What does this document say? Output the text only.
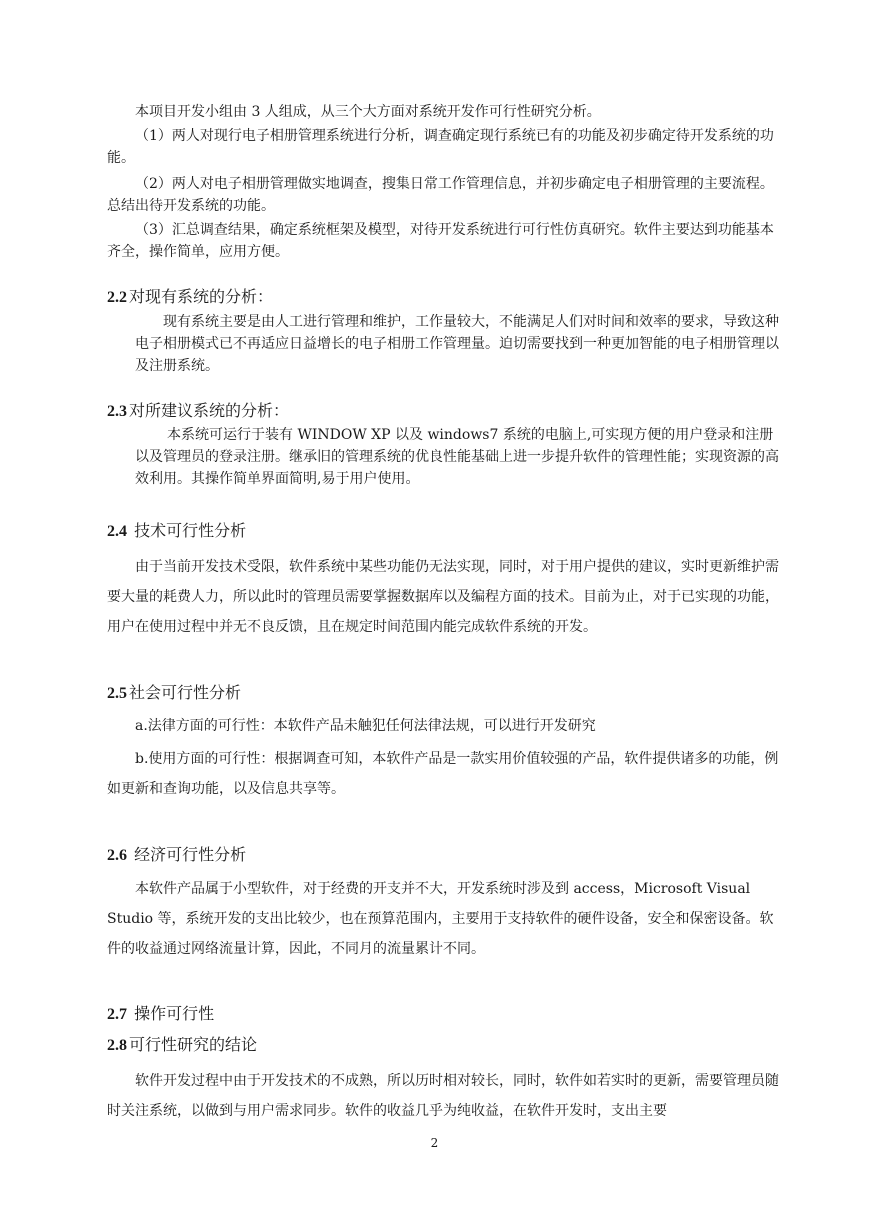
本项目开发小组由 3 人组成，从三个大方面对系统开发作可行性研究分析。

（1）两人对现行电子相册管理系统进行分析，调查确定现行系统已有的功能及初步确定待开发系统的功能。

（2）两人对电子相册管理做实地调查，搜集日常工作管理信息，并初步确定电子相册管理的主要流程。总结出待开发系统的功能。

（3）汇总调查结果，确定系统框架及模型，对待开发系统进行可行性仿真研究。软件主要达到功能基本齐全，操作简单，应用方便。

2.2 对现有系统的分析：

现有系统主要是由人工进行管理和维护，工作量较大，不能满足人们对时间和效率的要求，导致这种电子相册模式已不再适应日益增长的电子相册工作管理量。迫切需要找到一种更加智能的电子相册管理以及注册系统。

2.3 对所建议系统的分析：

本系统可运行于装有 WINDOW XP 以及 windows7 系统的电脑上,可实现方便的用户登录和注册以及管理员的登录注册。继承旧的管理系统的优良性能基础上进一步提升软件的管理性能；实现资源的高效利用。其操作简单界面简明,易于用户使用。

2.4 技术可行性分析

由于当前开发技术受限，软件系统中某些功能仍无法实现，同时，对于用户提供的建议，实时更新维护需要大量的耗费人力，所以此时的管理员需要掌握数据库以及编程方面的技术。目前为止，对于已实现的功能，用户在使用过程中并无不良反馈，且在规定时间范围内能完成软件系统的开发。

2.5 社会可行性分析

a.法律方面的可行性：本软件产品未触犯任何法律法规，可以进行开发研究

b.使用方面的可行性：根据调查可知，本软件产品是一款实用价值较强的产品，软件提供诸多的功能，例如更新和查询功能，以及信息共享等。

2.6 经济可行性分析

本软件产品属于小型软件，对于经费的开支并不大，开发系统时涉及到 access，Microsoft Visual Studio 等，系统开发的支出比较少，也在预算范围内，主要用于支持软件的硬件设备，安全和保密设备。软件的收益通过网络流量计算，因此，不同月的流量累计不同。

2.7 操作可行性
2.8 可行性研究的结论

软件开发过程中由于开发技术的不成熟，所以历时相对较长，同时，软件如若实时的更新，需要管理员随时关注系统，以做到与用户需求同步。软件的收益几乎为纯收益，在软件开发时，支出主要

2
